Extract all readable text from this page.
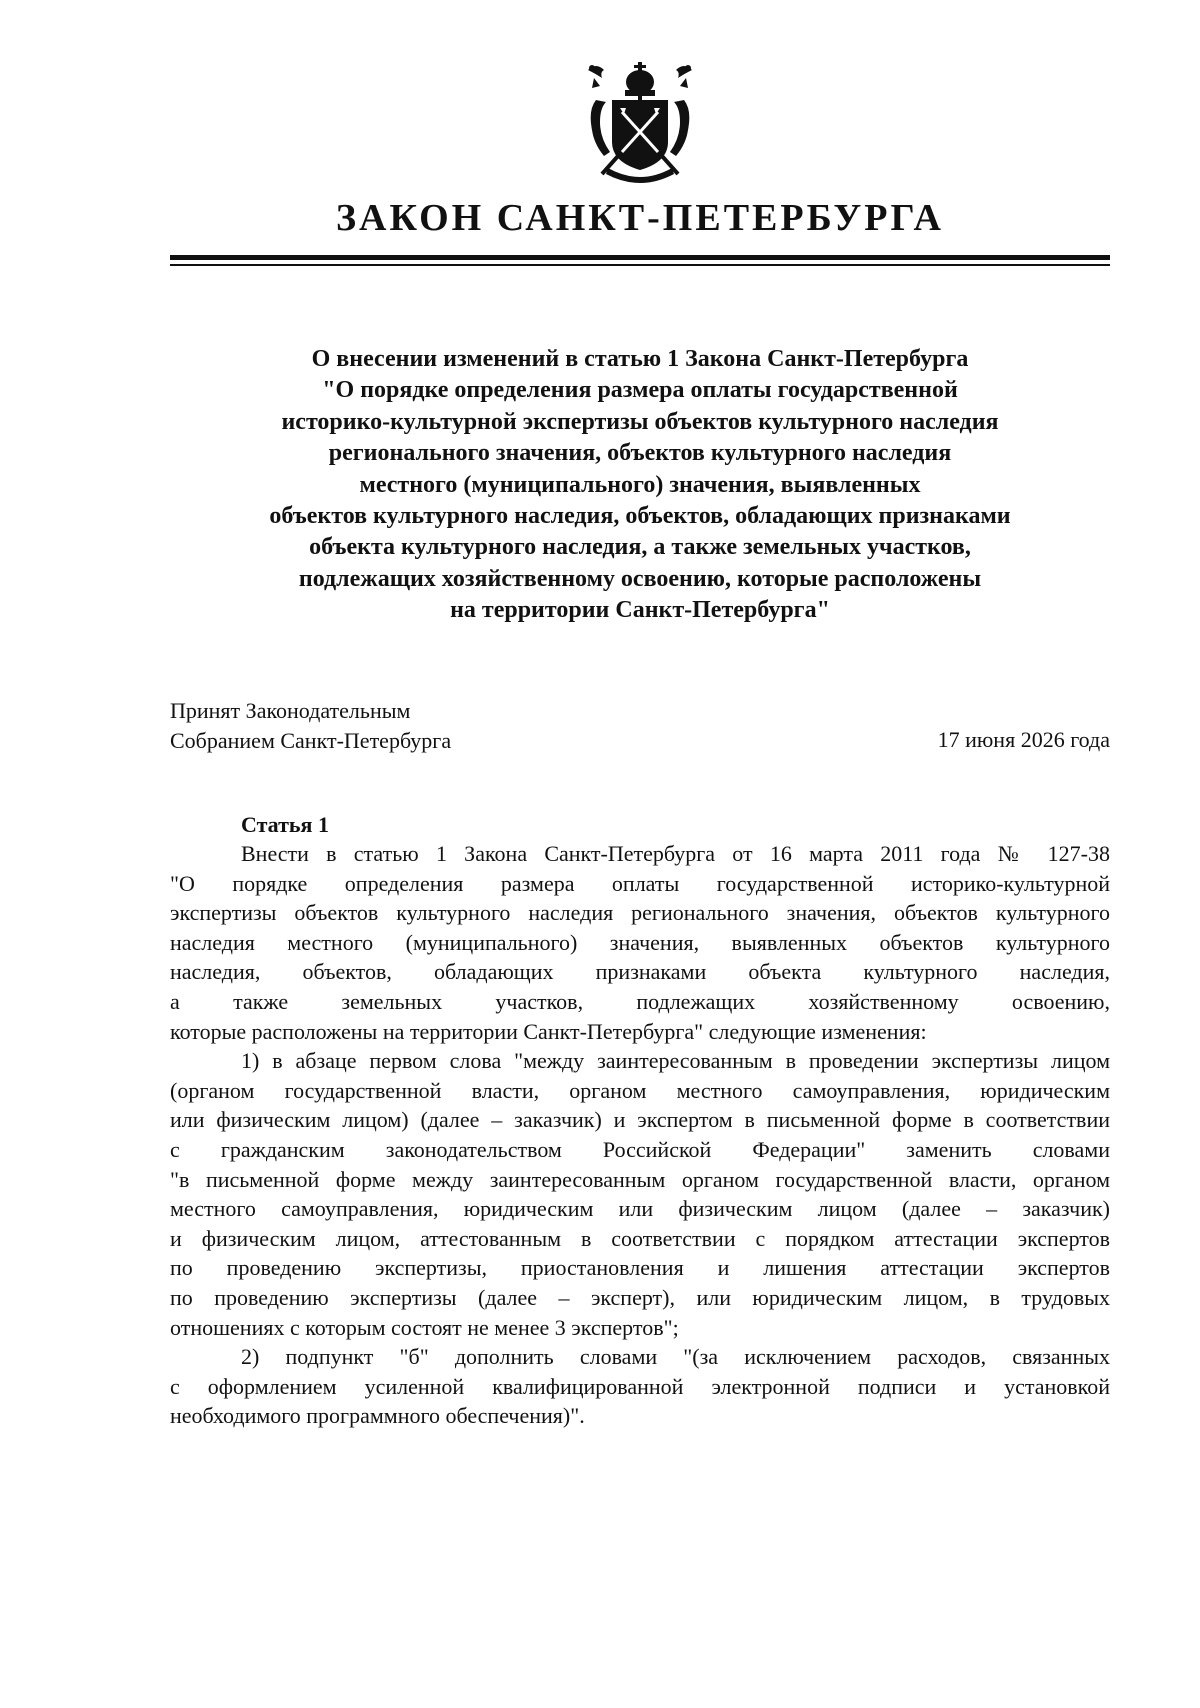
ЗАКОН САНКТ-ПЕТЕРБУРГА
О внесении изменений в статью 1 Закона Санкт-Петербурга
"О порядке определения размера оплаты государственной
историко-культурной экспертизы объектов культурного наследия
регионального значения, объектов культурного наследия
местного (муниципального) значения, выявленных
объектов культурного наследия, объектов, обладающих признаками
объекта культурного наследия, а также земельных участков,
подлежащих хозяйственному освоению, которые расположены
на территории Санкт-Петербурга"
Принят Законодательным
Собранием Санкт-Петербурга	17 июня 2026 года
Статья 1
Внести в статью 1 Закона Санкт-Петербурга от 16 марта 2011 года № 127-38
"О порядке определения размера оплаты государственной историко-культурной
экспертизы объектов культурного наследия регионального значения, объектов культурного
наследия местного (муниципального) значения, выявленных объектов культурного
наследия, объектов, обладающих признаками объекта культурного наследия,
а также земельных участков, подлежащих хозяйственному освоению,
которые расположены на территории Санкт-Петербурга" следующие изменения:
1) в абзаце первом слова "между заинтересованным в проведении экспертизы лицом
(органом государственной власти, органом местного самоуправления, юридическим
или физическим лицом) (далее – заказчик) и экспертом в письменной форме в соответствии
с гражданским законодательством Российской Федерации" заменить словами
"в письменной форме между заинтересованным органом государственной власти, органом
местного самоуправления, юридическим или физическим лицом (далее – заказчик)
и физическим лицом, аттестованным в соответствии с порядком аттестации экспертов
по проведению экспертизы, приостановления и лишения аттестации экспертов
по проведению экспертизы (далее – эксперт), или юридическим лицом, в трудовых
отношениях с которым состоят не менее 3 экспертов";
2) подпункт "б" дополнить словами "(за исключением расходов, связанных
с оформлением усиленной квалифицированной электронной подписи и установкой
необходимого программного обеспечения)".
